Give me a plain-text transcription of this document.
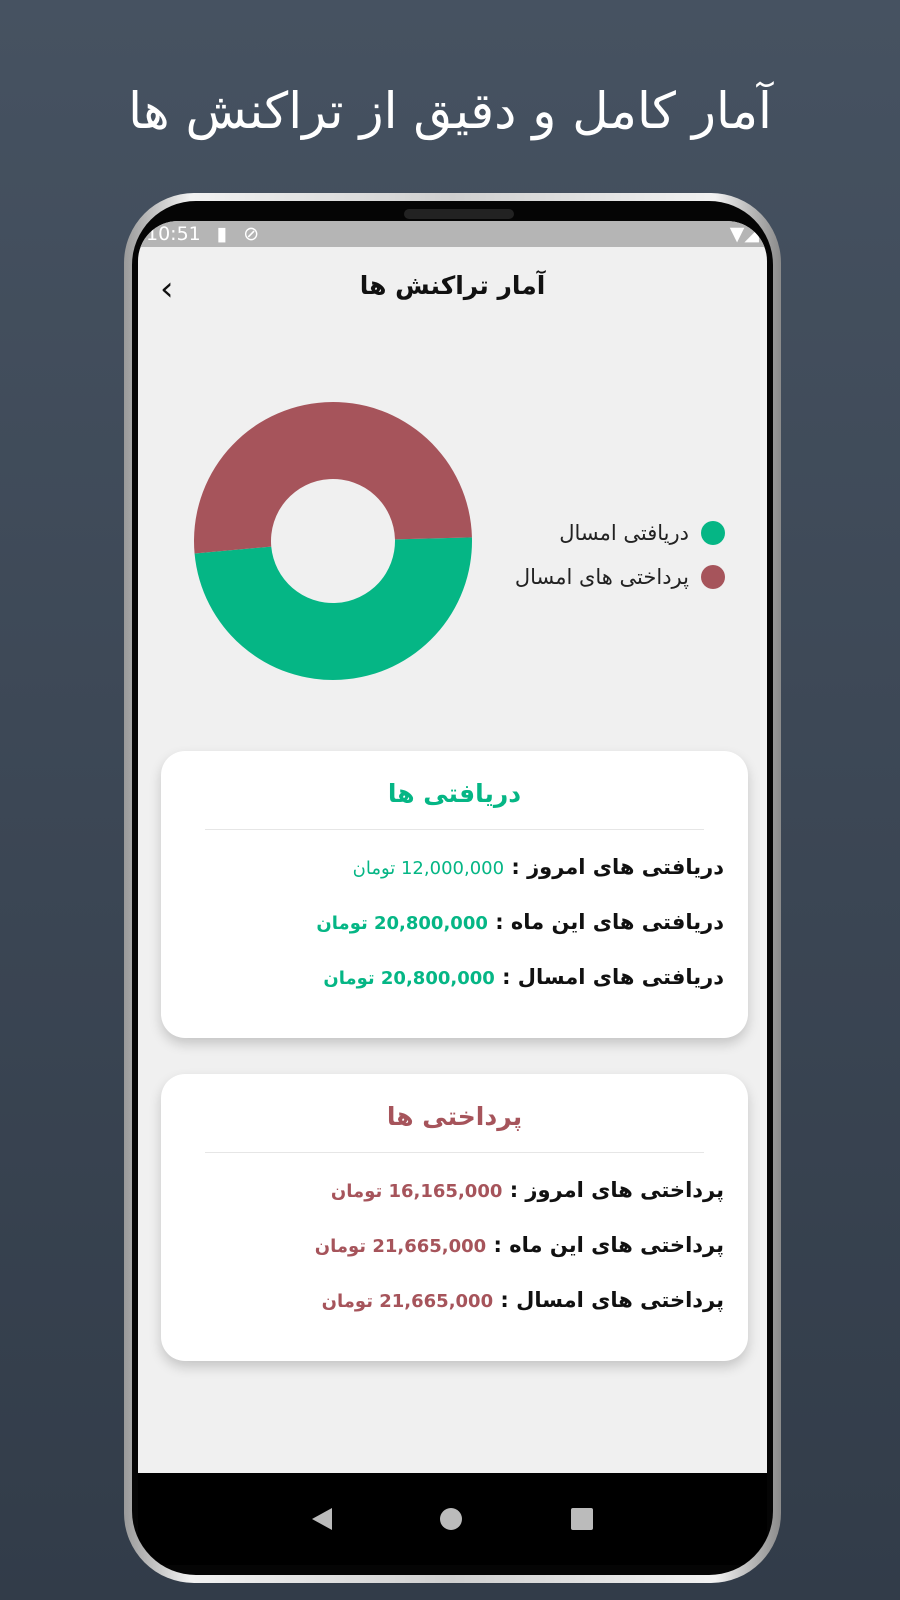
آمار کامل و دقیق از تراکنش ها
10:51 ▮ ⊘	▼◢
‹	آمار تراکنش ها
دریافتی امسال
پرداختی های امسال
دریافتی ها
دریافتی های امروز : 12,000,000 تومان
دریافتی های این ماه : 20,800,000 تومان
دریافتی های امسال : 20,800,000 تومان
پرداختی ها
پرداختی های امروز : 16,165,000 تومان
پرداختی های این ماه : 21,665,000 تومان
پرداختی های امسال : 21,665,000 تومان
